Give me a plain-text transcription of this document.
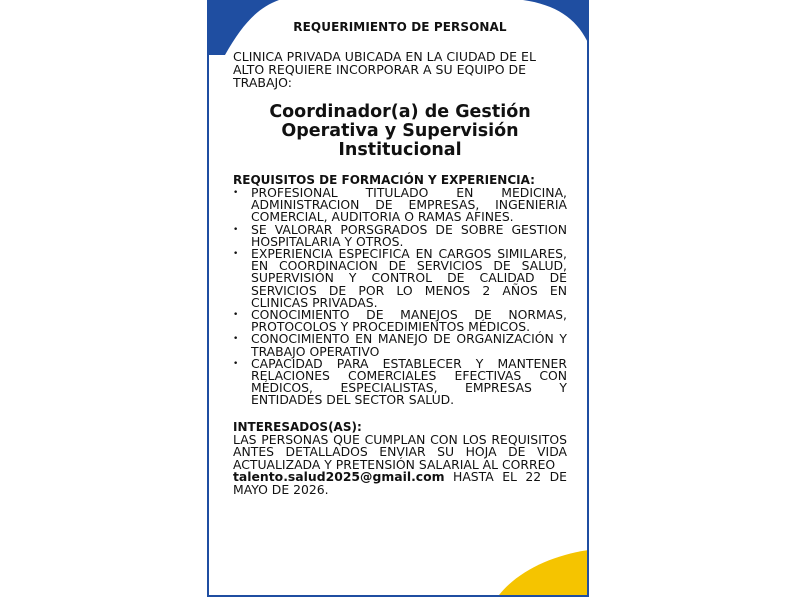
REQUERIMIENTO DE PERSONAL
CLINICA PRIVADA UBICADA EN LA CIUDAD DE EL ALTO REQUIERE INCORPORAR A SU EQUIPO DE TRABAJO:
Coordinador(a) de Gestión
Operativa y Supervisión Institucional
REQUISITOS DE FORMACIÓN Y EXPERIENCIA:
• PROFESIONAL TITULADO EN MEDICINA, ADMINISTRACION DE EMPRESAS, INGENIERIA COMERCIAL, AUDITORIA O RAMAS AFINES.
• SE VALORAR PORSGRADOS DE SOBRE GESTION HOSPITALARIA Y OTROS.
• EXPERIENCIA ESPECIFICA EN CARGOS SIMILARES, EN COORDINACION DE SERVICIOS DE SALUD, SUPERVISIÓN Y CONTROL DE CALIDAD DE SERVICIOS DE POR LO MENOS 2 AÑOS EN CLINICAS PRIVADAS.
• CONOCIMIENTO DE MANEJOS DE NORMAS, PROTOCOLOS Y PROCEDIMIENTOS MÉDICOS.
• CONOCIMIENTO EN MANEJO DE ORGANIZACIÓN Y TRABAJO OPERATIVO
• CAPACIDAD PARA ESTABLECER Y MANTENER RELACIONES COMERCIALES EFECTIVAS CON MÉDICOS, ESPECIALISTAS, EMPRESAS Y ENTIDADES DEL SECTOR SALUD.
INTERESADOS(AS):
LAS PERSONAS QUE CUMPLAN CON LOS REQUISITOS ANTES DETALLADOS ENVIAR SU HOJA DE VIDA ACTUALIZADA Y PRETENSIÓN SALARIAL AL CORREO
talento.salud2025@gmail.com HASTA EL 22 DE MAYO DE 2026.
